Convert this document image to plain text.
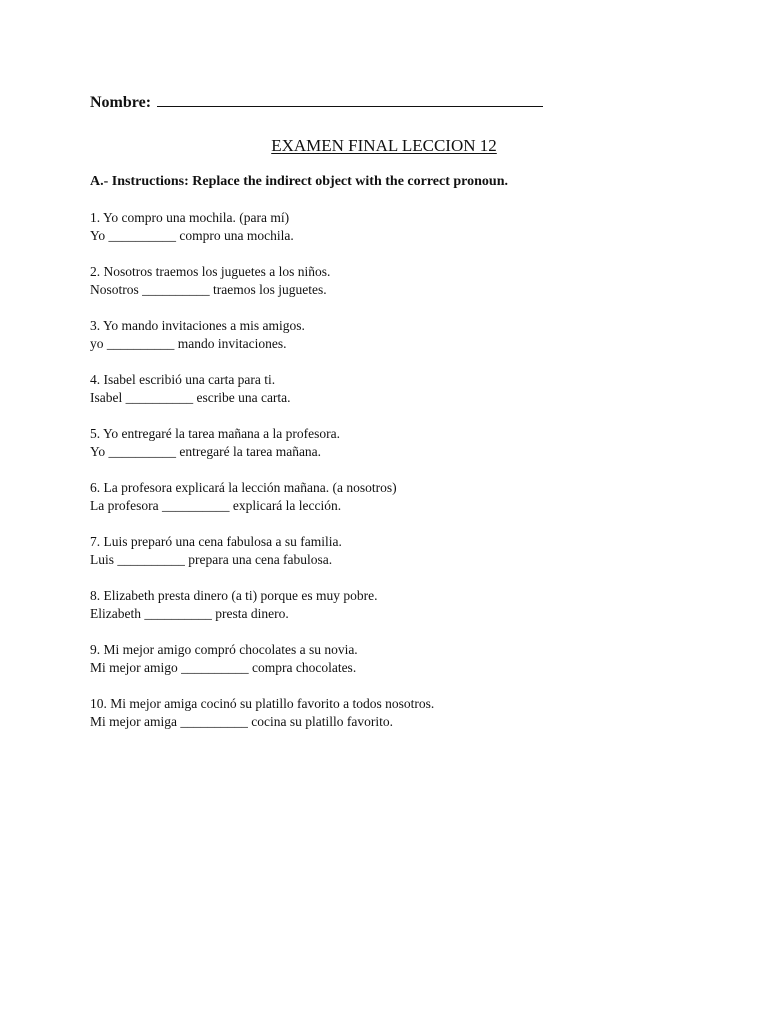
Nombre:
EXAMEN FINAL LECCION 12
A.- Instructions: Replace the indirect object with the correct pronoun.
1. Yo compro una mochila. (para mí)
Yo __________ compro una mochila.
2. Nosotros traemos los juguetes a los niños.
Nosotros __________ traemos los juguetes.
3. Yo mando invitaciones a mis amigos.
yo __________ mando invitaciones.
4. Isabel escribió una carta para ti.
Isabel __________ escribe una carta.
5. Yo entregaré la tarea mañana a la profesora.
Yo __________ entregaré la tarea mañana.
6. La profesora explicará la lección mañana. (a nosotros)
La profesora __________ explicará la lección.
7. Luis preparó una cena fabulosa a su familia.
Luis __________ prepara una cena fabulosa.
8. Elizabeth presta dinero (a ti) porque es muy pobre.
Elizabeth __________ presta dinero.
9. Mi mejor amigo compró chocolates a su novia.
Mi mejor amigo __________ compra chocolates.
10. Mi mejor amiga cocinó su platillo favorito a todos nosotros.
Mi mejor amiga __________ cocina su platillo favorito.
